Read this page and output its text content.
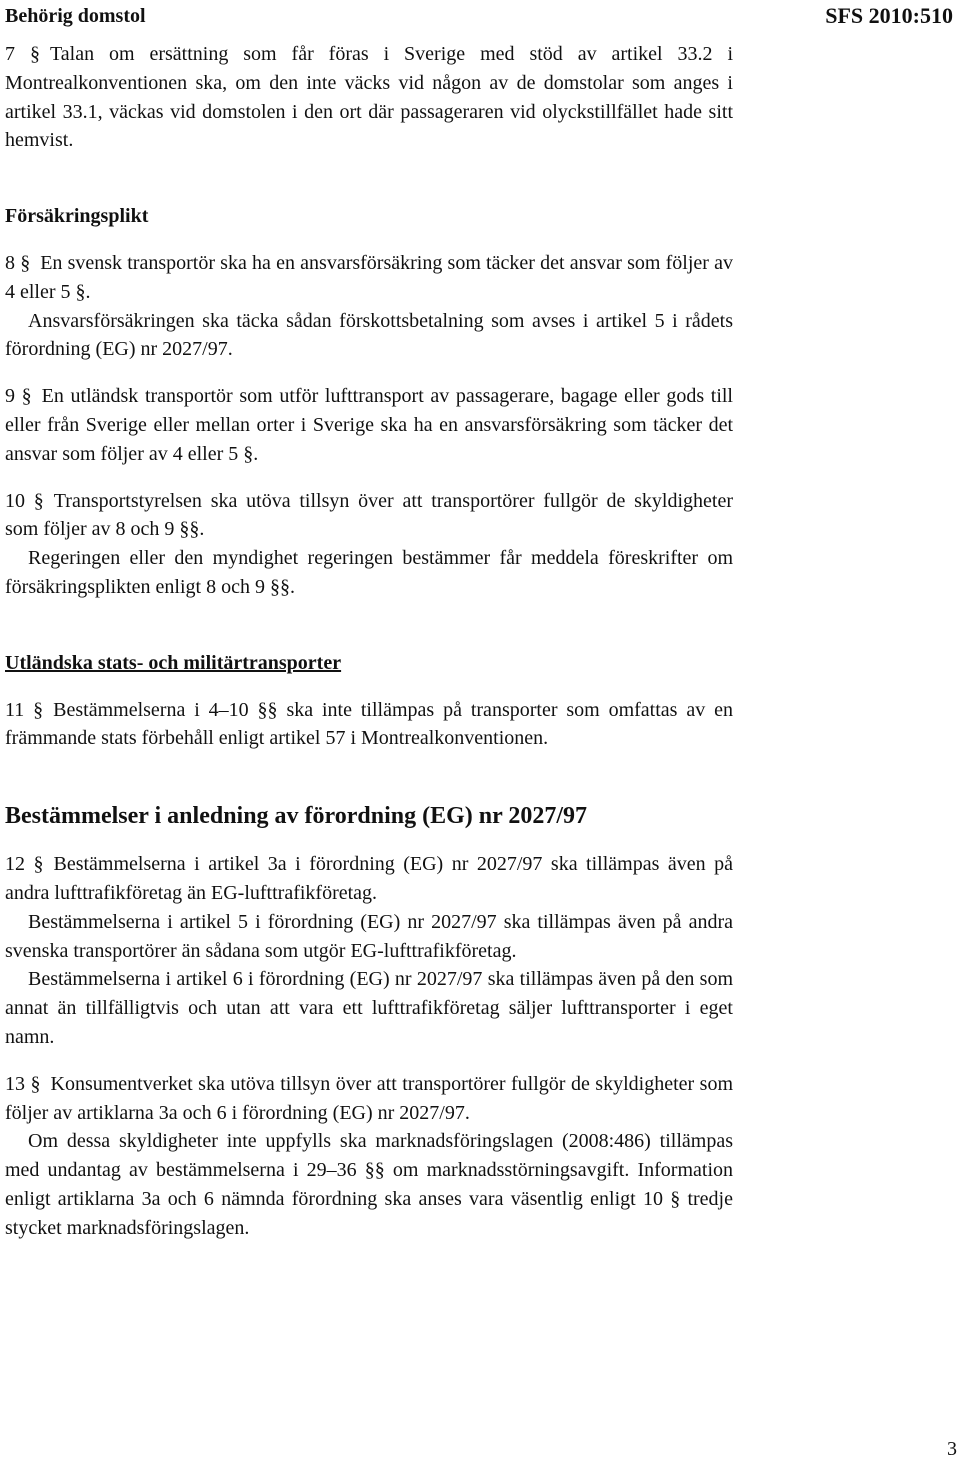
Behörig domstol	SFS 2010:510

7 § Talan om ersättning som får föras i Sverige med stöd av artikel 33.2 i Montrealkonventionen ska, om den inte väcks vid någon av de domstolar som anges i artikel 33.1, väckas vid domstolen i den ort där passageraren vid olyckstillfället hade sitt hemvist.

Försäkringsplikt

8 § En svensk transportör ska ha en ansvarsförsäkring som täcker det ansvar som följer av 4 eller 5 §.

Ansvarsförsäkringen ska täcka sådan förskottsbetalning som avses i artikel 5 i rådets förordning (EG) nr 2027/97.

9 § En utländsk transportör som utför lufttransport av passagerare, bagage eller gods till eller från Sverige eller mellan orter i Sverige ska ha en ansvarsförsäkring som täcker det ansvar som följer av 4 eller 5 §.

10 § Transportstyrelsen ska utöva tillsyn över att transportörer fullgör de skyldigheter som följer av 8 och 9 §§.

Regeringen eller den myndighet regeringen bestämmer får meddela föreskrifter om försäkringsplikten enligt 8 och 9 §§.

Utländska stats- och militärtransporter

11 § Bestämmelserna i 4–10 §§ ska inte tillämpas på transporter som omfattas av en främmande stats förbehåll enligt artikel 57 i Montrealkonventionen.

Bestämmelser i anledning av förordning (EG) nr 2027/97

12 § Bestämmelserna i artikel 3a i förordning (EG) nr 2027/97 ska tillämpas även på andra lufttrafikföretag än EG-lufttrafikföretag.

Bestämmelserna i artikel 5 i förordning (EG) nr 2027/97 ska tillämpas även på andra svenska transportörer än sådana som utgör EG-lufttrafikföretag.

Bestämmelserna i artikel 6 i förordning (EG) nr 2027/97 ska tillämpas även på den som annat än tillfälligtvis och utan att vara ett lufttrafikföretag säljer lufttransporter i eget namn.

13 § Konsumentverket ska utöva tillsyn över att transportörer fullgör de skyldigheter som följer av artiklarna 3a och 6 i förordning (EG) nr 2027/97.

Om dessa skyldigheter inte uppfylls ska marknadsföringslagen (2008:486) tillämpas med undantag av bestämmelserna i 29–36 §§ om marknadsstörningsavgift. Information enligt artiklarna 3a och 6 nämnda förordning ska anses vara väsentlig enligt 10 § tredje stycket marknadsföringslagen.

3
